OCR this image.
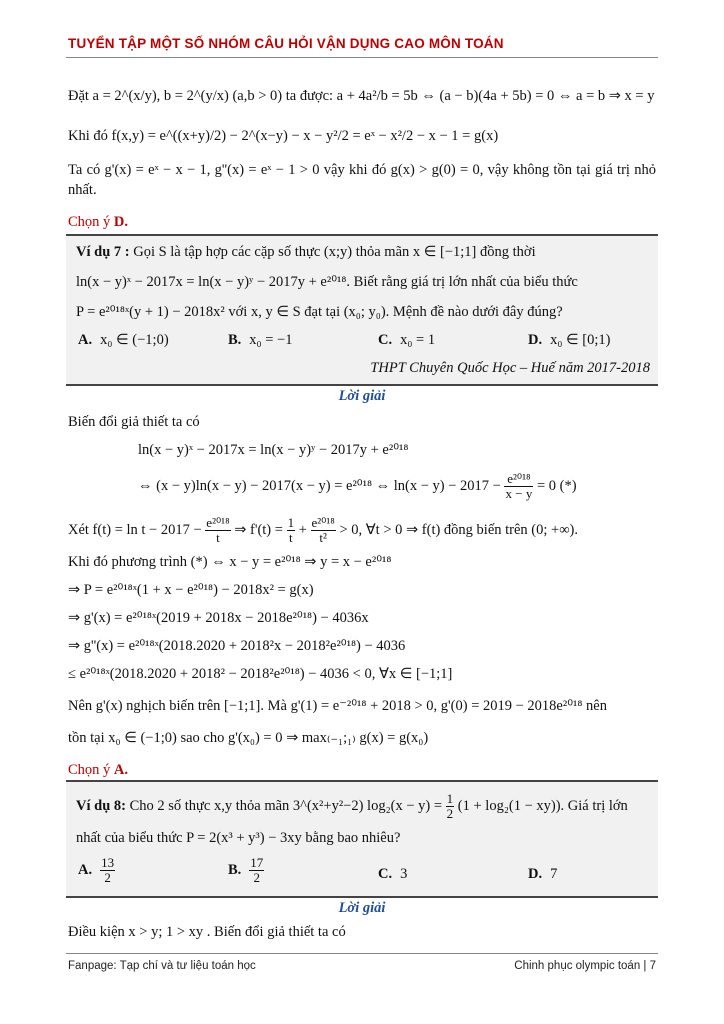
TUYỂN TẬP MỘT SỐ NHÓM CÂU HỎI VẬN DỤNG CAO MÔN TOÁN
Đặt a = 2^(x/y), b = 2^(y/x) (a,b > 0) ta được: a + 4a²/b = 5b ⇔ (a − b)(4a + 5b) = 0 ⇔ a = b ⇒ x = y
Khi đó f(x,y) = e^((x+y)/2) − 2^(x−y) − x − y²/2 = eˣ − x²/2 − x − 1 = g(x)
Ta có g'(x) = eˣ − x − 1, g''(x) = eˣ − 1 > 0 vậy khi đó g(x) > g(0) = 0, vậy không tồn tại giá trị nhỏ nhất.
Chọn ý D.
Ví dụ 7 : Gọi S là tập hợp các cặp số thực (x;y) thỏa mãn x ∈ [−1;1] đồng thời
ln(x − y)ˣ − 2017x = ln(x − y)ʸ − 2017y + e²⁰¹⁸. Biết rằng giá trị lớn nhất của biểu thức
P = e²⁰¹⁸ˣ(y + 1) − 2018x² với x, y ∈ S đạt tại (x₀; y₀). Mệnh đề nào dưới đây đúng?
A. x₀ ∈ (−1;0)	B. x₀ = −1	C. x₀ = 1	D. x₀ ∈ [0;1)
THPT Chuyên Quốc Học – Huế năm 2017-2018
Lời giải
Biến đổi giả thiết ta có
ln(x − y)ˣ − 2017x = ln(x − y)ʸ − 2017y + e²⁰¹⁸
⇔ (x − y)ln(x − y) − 2017(x − y) = e²⁰¹⁸ ⇔ $\ln(x - y) - 2017 - \frac{\text{e²⁰¹⁸}}{x - y} = 0$ (*)
Xét $f(t) = \ln t - 2017 - \frac{\text{e²⁰¹⁸}}{t}$ ⇒ $f'(t) = \frac{1}{t} + \frac{\text{e²⁰¹⁸}}{\text{t²}} > 0$, ∀t > 0 ⇒ f(t) đồng biến trên (0; +∞).
Khi đó phương trình (*) ⇔ x − y = e²⁰¹⁸ ⇒ y = x − e²⁰¹⁸
⇒ P = e²⁰¹⁸ˣ(1 + x − e²⁰¹⁸) − 2018x² = g(x)
⇒ g'(x) = e²⁰¹⁸ˣ(2019 + 2018x − 2018e²⁰¹⁸) − 4036x
⇒ g''(x) = e²⁰¹⁸ˣ(2018.2020 + 2018²x − 2018²e²⁰¹⁸) − 4036
≤ e²⁰¹⁸ˣ(2018.2020 + 2018² − 2018²e²⁰¹⁸) − 4036 < 0, ∀x ∈ [−1;1]
Nên g'(x) nghịch biến trên [−1;1]. Mà g'(1) = e⁻²⁰¹⁸ + 2018 > 0, g'(0) = 2019 − 2018e²⁰¹⁸ nên
tồn tại x₀ ∈ (−1;0) sao cho g'(x₀) = 0 ⇒ max₍₋₁;₁₎ g(x) = g(x₀)
Chọn ý A.
Ví dụ 8: Cho 2 số thực x,y thỏa mãn 3^(x²+y²−2) $\log_2(x - y) = \frac{1}{2} (1 + \log_2(1 - xy))$. Giá trị lớn
nhất của biểu thức P = 2(x³ + y³) − 3xy bằng bao nhiêu?
A. $\frac{13}{2}$	B. $\frac{17}{2}$	C. 3	D. 7
Lời giải
Điều kiện x > y; 1 > xy . Biến đổi giả thiết ta có
Fanpage: Tạp chí và tư liệu toán học	Chinh phục olympic toán | 7
